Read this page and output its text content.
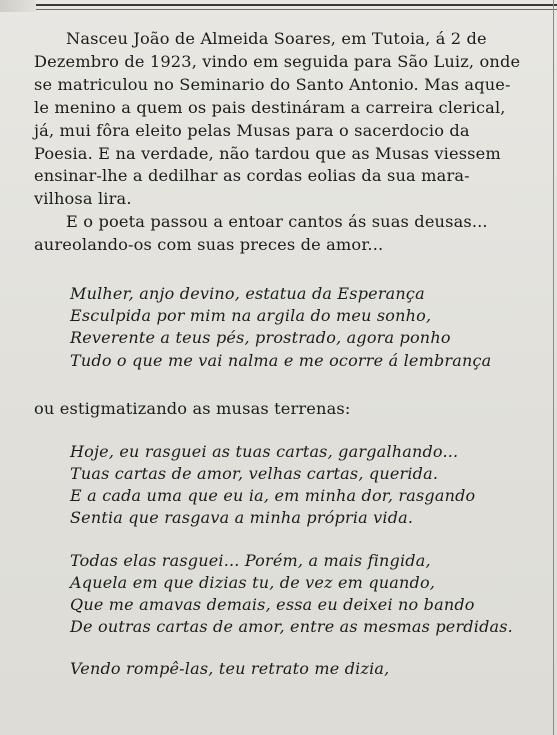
Nasceu João de Almeida Soares, em Tutoia, á 2 de
Dezembro de 1923, vindo em seguida para São Luiz, onde
se matriculou no Seminario do Santo Antonio. Mas aque-
le menino a quem os pais destináram a carreira clerical,
já, mui fôra eleito pelas Musas para o sacerdocio da
Poesia. E na verdade, não tardou que as Musas viessem
ensinar-lhe a dedilhar as cordas eolias da sua mara-
vilhosa lira.

E o poeta passou a entoar cantos ás suas deusas...
aureolando-os com suas preces de amor...

Mulher, anjo devino, estatua da Esperança
Esculpida por mim na argila do meu sonho,
Reverente a teus pés, prostrado, agora ponho
Tudo o que me vai nalma e me ocorre á lembrança

ou estigmatizando as musas terrenas:

Hoje, eu rasguei as tuas cartas, gargalhando...
Tuas cartas de amor, velhas cartas, querida.
E a cada uma que eu ia, em minha dor, rasgando
Sentia que rasgava a minha própria vida.

Todas elas rasguei... Porém, a mais fingida,
Aquela em que dizias tu, de vez em quando,
Que me amavas demais, essa eu deixei no bando
De outras cartas de amor, entre as mesmas perdidas.

Vendo rompê-las, teu retrato me dizia,
